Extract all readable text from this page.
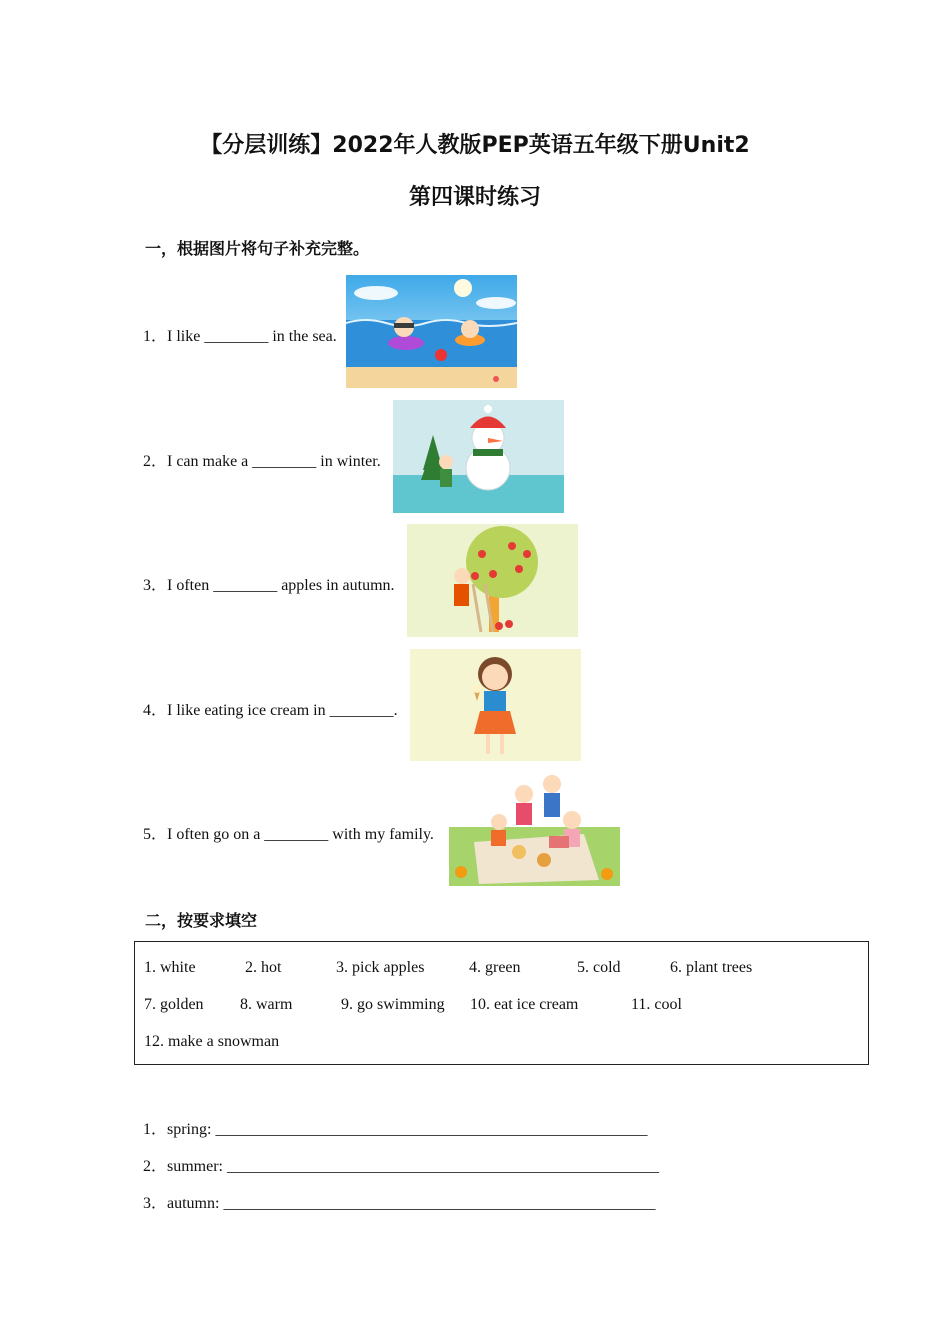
【分层训练】2022年人教版PEP英语五年级下册Unit2
第四课时练习
一，根据图片将句子补充完整。
1．I like ________ in the sea.
2．I can make a ________ in winter.
3．I often ________ apples in autumn.
4．I like eating ice cream in ________.
5．I often go on a ________ with my family.
二，按要求填空
1. white	2. hot	3. pick apples	4. green	5. cold	6. plant trees
7. golden 8. warm	9. go swimming 10. eat ice cream	11. cool
12. make a snowman
1．spring: ______________________________________________________
2．summer: ______________________________________________________
3．autumn: ______________________________________________________
